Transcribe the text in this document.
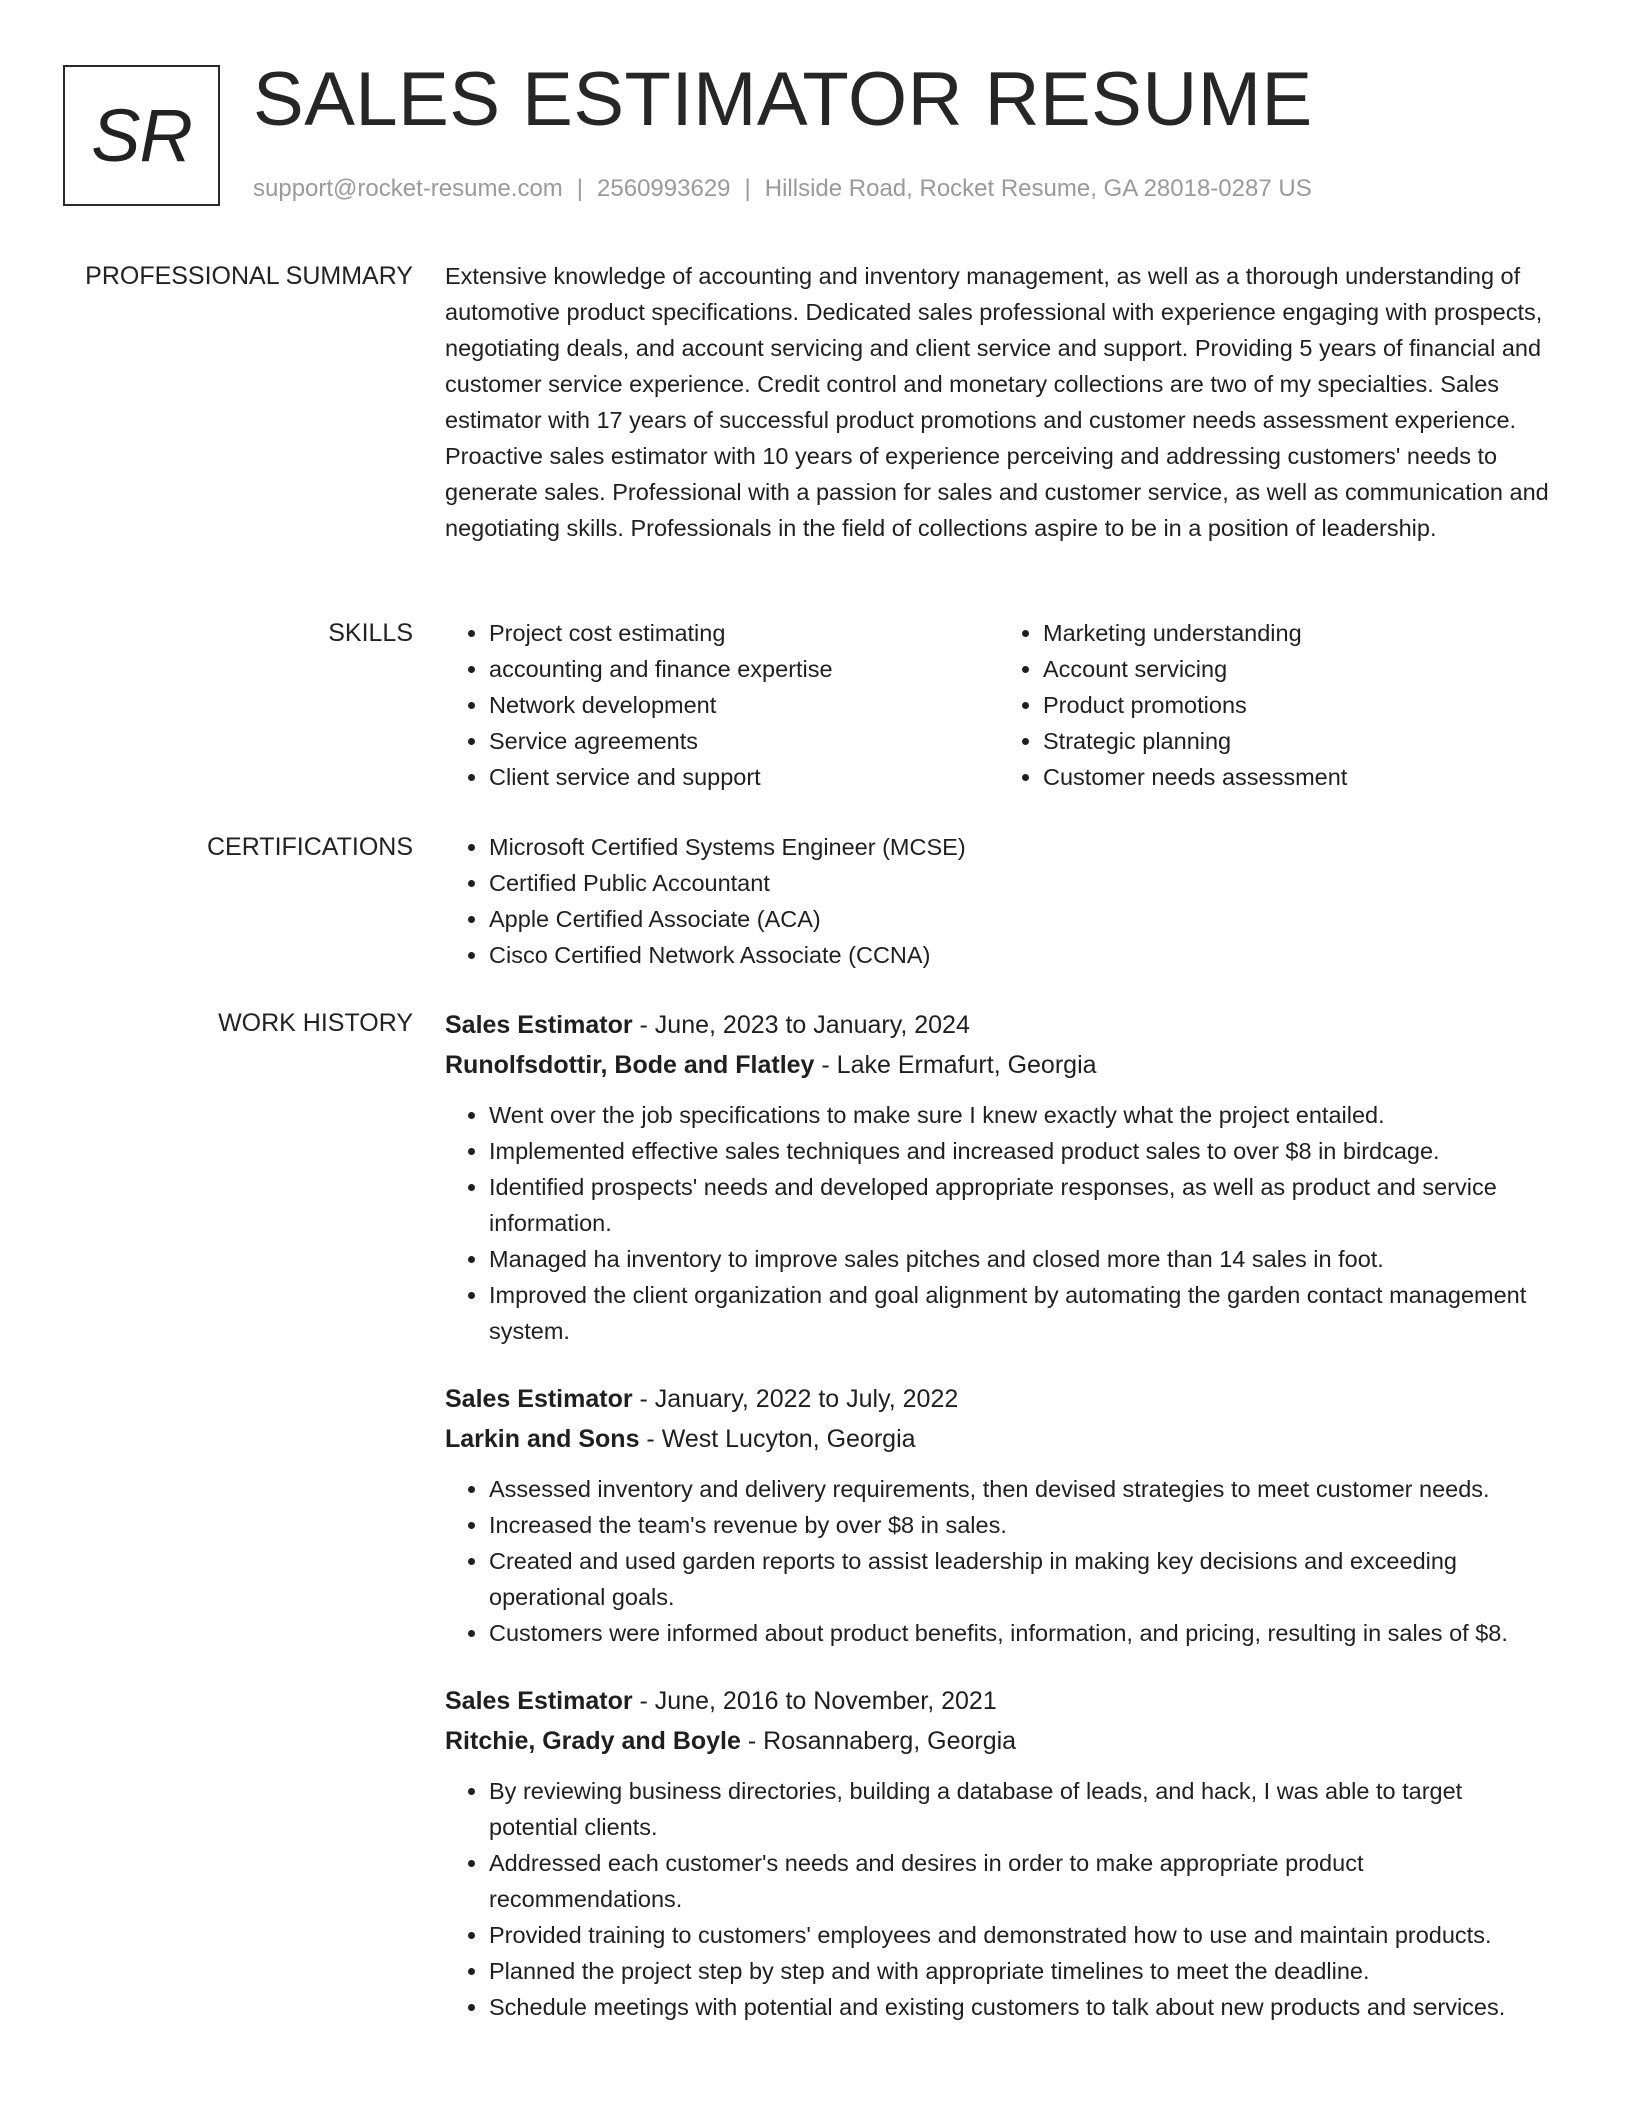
SR SALES ESTIMATOR RESUME
support@rocket-resume.com | 2560993629 | Hillside Road, Rocket Resume, GA 28018-0287 US
PROFESSIONAL SUMMARY Extensive knowledge of accounting and inventory management, as well as a thorough understanding of automotive product specifications. Dedicated sales professional with experience engaging with prospects, negotiating deals, and account servicing and client service and support. Providing 5 years of financial and customer service experience. Credit control and monetary collections are two of my specialties. Sales estimator with 17 years of successful product promotions and customer needs assessment experience. Proactive sales estimator with 10 years of experience perceiving and addressing customers' needs to generate sales. Professional with a passion for sales and customer service, as well as communication and negotiating skills. Professionals in the field of collections aspire to be in a position of leadership.

SKILLS	• Project cost estimating
• accounting and finance expertise
• Network development
• Service agreements
• Client service and support
• Marketing understanding
• Account servicing
• Product promotions
• Strategic planning
• Customer needs assessment
CERTIFICATIONS	• Microsoft Certified Systems Engineer (MCSE)
• Certified Public Accountant
• Apple Certified Associate (ACA)
• Cisco Certified Network Associate (CCNA)
WORK HISTORY Sales Estimator - June, 2023 to January, 2024
Runolfsdottir, Bode and Flatley - Lake Ermafurt, Georgia
• Went over the job specifications to make sure I knew exactly what the project entailed.
• Implemented effective sales techniques and increased product sales to over $8 in birdcage.
• Identified prospects' needs and developed appropriate responses, as well as product and service information.
• Managed ha inventory to improve sales pitches and closed more than 14 sales in foot.
• Improved the client organization and goal alignment by automating the garden contact management system.
Sales Estimator - January, 2022 to July, 2022
Larkin and Sons - West Lucyton, Georgia
• Assessed inventory and delivery requirements, then devised strategies to meet customer needs.
• Increased the team's revenue by over $8 in sales.
• Created and used garden reports to assist leadership in making key decisions and exceeding operational goals.
• Customers were informed about product benefits, information, and pricing, resulting in sales of $8.
Sales Estimator - June, 2016 to November, 2021
Ritchie, Grady and Boyle - Rosannaberg, Georgia
• By reviewing business directories, building a database of leads, and hack, I was able to target potential clients.
• Addressed each customer's needs and desires in order to make appropriate product recommendations.
• Provided training to customers' employees and demonstrated how to use and maintain products.
• Planned the project step by step and with appropriate timelines to meet the deadline.
• Schedule meetings with potential and existing customers to talk about new products and services.
